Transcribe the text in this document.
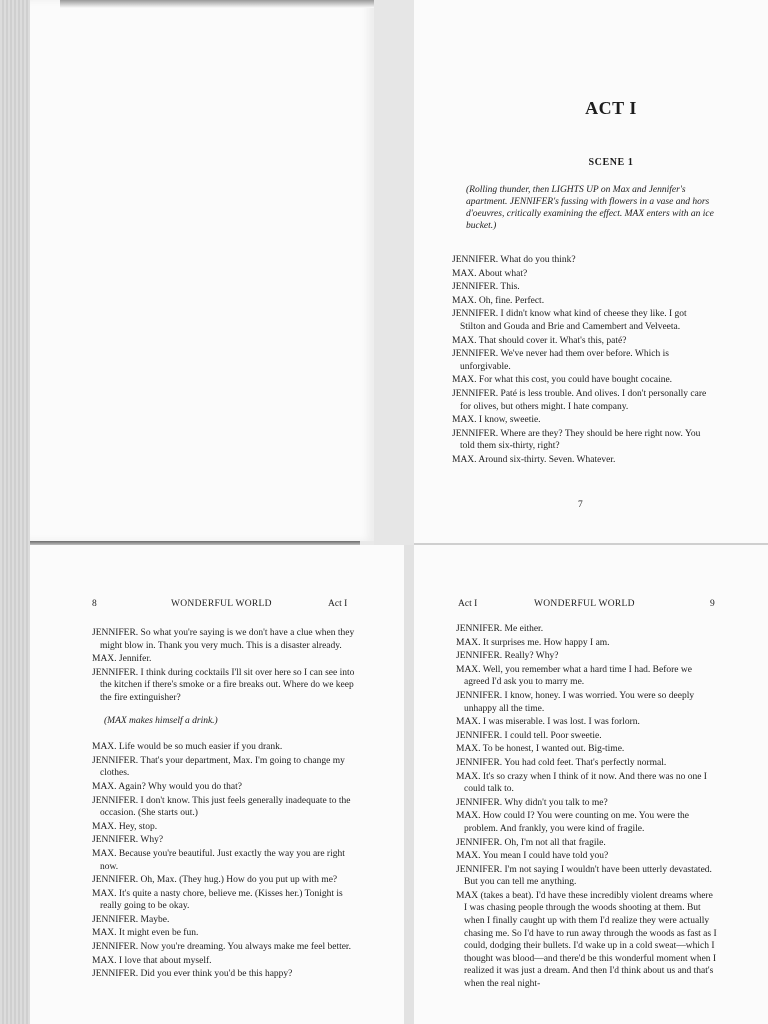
ACT I
SCENE 1
(Rolling thunder, then LIGHTS UP on Max and Jennifer's apartment. JENNIFER's fussing with flowers in a vase and hors d'oeuvres, critically examining the effect. MAX enters with an ice bucket.)

JENNIFER. What do you think?

MAX. About what?

JENNIFER. This.

MAX. Oh, fine. Perfect.

JENNIFER. I didn't know what kind of cheese they like. I got Stilton and Gouda and Brie and Camembert and Velveeta.

MAX. That should cover it. What's this, paté?

JENNIFER. We've never had them over before. Which is unforgivable.

MAX. For what this cost, you could have bought cocaine.

JENNIFER. Paté is less trouble. And olives. I don't personally care for olives, but others might. I hate company.

MAX. I know, sweetie.

JENNIFER. Where are they? They should be here right now. You told them six-thirty, right?

MAX. Around six-thirty. Seven. Whatever.

7
8	WONDERFUL WORLD	Act I

JENNIFER. So what you're saying is we don't have a clue when they might blow in. Thank you very much. This is a disaster already.

MAX. Jennifer.

JENNIFER. I think during cocktails I'll sit over here so I can see into the kitchen if there's smoke or a fire breaks out. Where do we keep the fire extinguisher?

(MAX makes himself a drink.)

MAX. Life would be so much easier if you drank.

JENNIFER. That's your department, Max. I'm going to change my clothes.

MAX. Again? Why would you do that?

JENNIFER. I don't know. This just feels generally inadequate to the occasion. (She starts out.)

MAX. Hey, stop.

JENNIFER. Why?

MAX. Because you're beautiful. Just exactly the way you are right now.

JENNIFER. Oh, Max. (They hug.) How do you put up with me?

MAX. It's quite a nasty chore, believe me. (Kisses her.) Tonight is really going to be okay.

JENNIFER. Maybe.

MAX. It might even be fun.

JENNIFER. Now you're dreaming. You always make me feel better.

MAX. I love that about myself.

JENNIFER. Did you ever think you'd be this happy?

Act I	WONDERFUL WORLD	9

JENNIFER. Me either.

MAX. It surprises me. How happy I am.

JENNIFER. Really? Why?

MAX. Well, you remember what a hard time I had. Before we agreed I'd ask you to marry me.

JENNIFER. I know, honey. I was worried. You were so deeply unhappy all the time.

MAX. I was miserable. I was lost. I was forlorn.

JENNIFER. I could tell. Poor sweetie.

MAX. To be honest, I wanted out. Big-time.

JENNIFER. You had cold feet. That's perfectly normal.

MAX. It's so crazy when I think of it now. And there was no one I could talk to.

JENNIFER. Why didn't you talk to me?

MAX. How could I? You were counting on me. You were the problem. And frankly, you were kind of fragile.

JENNIFER. Oh, I'm not all that fragile.

MAX. You mean I could have told you?

JENNIFER. I'm not saying I wouldn't have been utterly devastated. But you can tell me anything.

MAX (takes a beat). I'd have these incredibly violent dreams where I was chasing people through the woods shooting at them. But when I finally caught up with them I'd realize they were actually chasing me. So I'd have to run away through the woods as fast as I could, dodging their bullets. I'd wake up in a cold sweat—which I thought was blood—and there'd be this wonderful moment when I realized it was just a dream. And then I'd think about us and that's when the real night-
